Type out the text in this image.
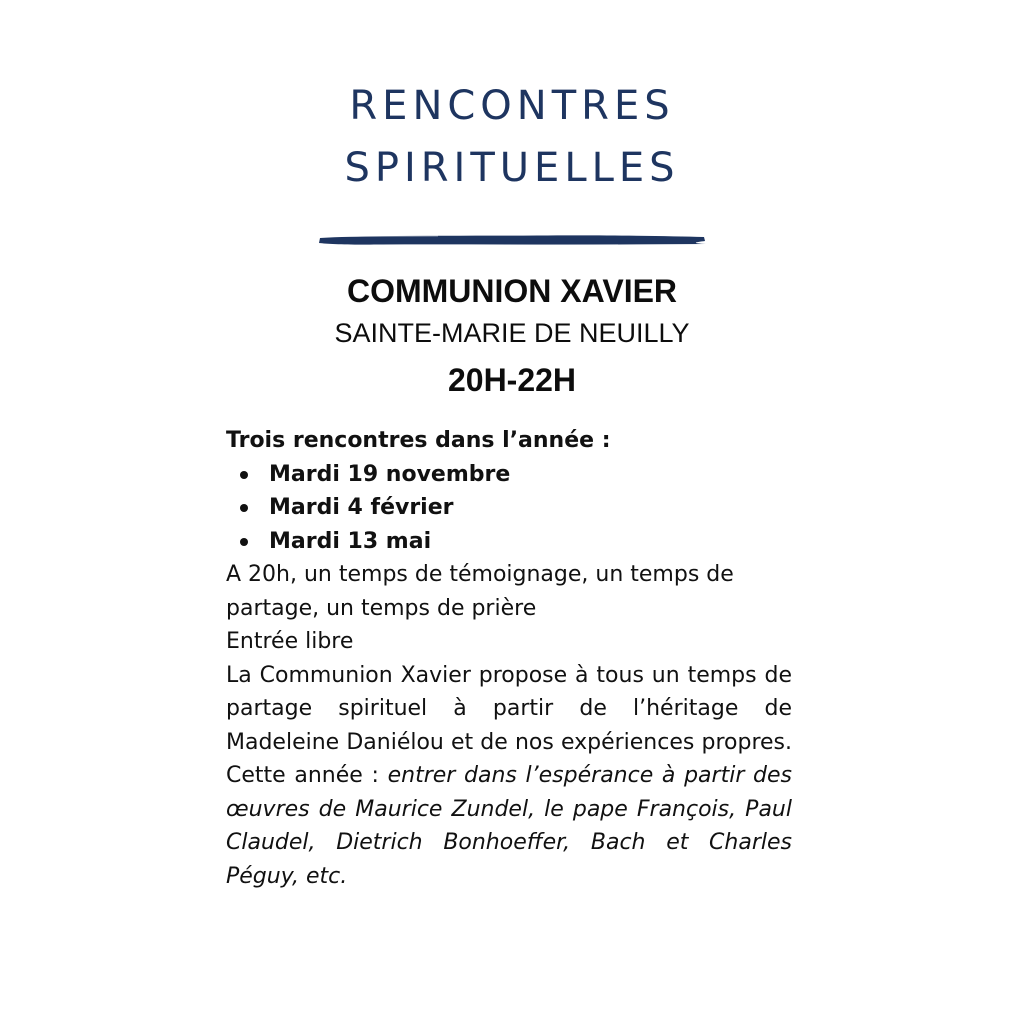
RENCONTRES
SPIRITUELLES
COMMUNION XAVIER

SAINTE-MARIE DE NEUILLY

20H-22H

Trois rencontres dans l’année :

Mardi 19 novembre
Mardi 4 février
Mardi 13 mai

A 20h, un temps de témoignage, un temps de partage, un temps de prière

Entrée libre

La Communion Xavier propose à tous un temps de partage spirituel à partir de l’héritage de Madeleine Daniélou et de nos expériences propres. Cette année : entrer dans l’espérance à partir des œuvres de Maurice Zundel, le pape François, Paul Claudel, Dietrich Bonhoeffer, Bach et Charles Péguy, etc.
